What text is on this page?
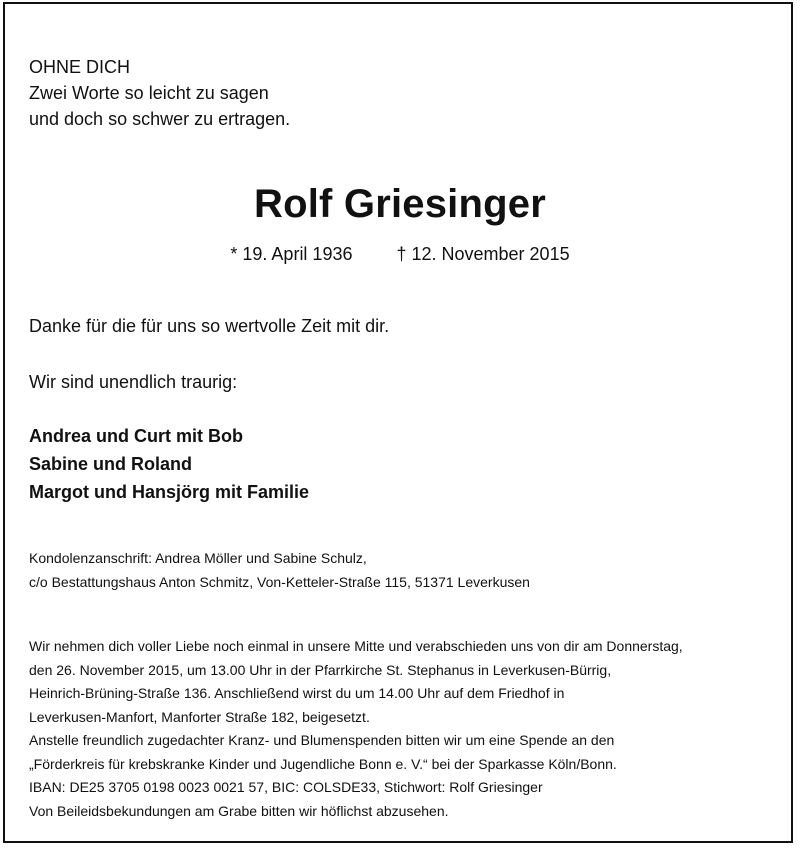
OHNE DICH
Zwei Worte so leicht zu sagen
und doch so schwer zu ertragen.
Rolf Griesinger
* 19. April 1936 † 12. November 2015
Danke für die für uns so wertvolle Zeit mit dir.
Wir sind unendlich traurig:
Andrea und Curt mit Bob
Sabine und Roland
Margot und Hansjörg mit Familie
Kondolenzanschrift: Andrea Möller und Sabine Schulz,
c/o Bestattungshaus Anton Schmitz, Von-Ketteler-Straße 115, 51371 Leverkusen
Wir nehmen dich voller Liebe noch einmal in unsere Mitte und verabschieden uns von dir am Donnerstag,
den 26. November 2015, um 13.00 Uhr in der Pfarrkirche St. Stephanus in Leverkusen-Bürrig,
Heinrich-Brüning-Straße 136. Anschließend wirst du um 14.00 Uhr auf dem Friedhof in
Leverkusen-Manfort, Manforter Straße 182, beigesetzt.
Anstelle freundlich zugedachter Kranz- und Blumenspenden bitten wir um eine Spende an den
„Förderkreis für krebskranke Kinder und Jugendliche Bonn e. V.“ bei der Sparkasse Köln/Bonn.
IBAN: DE25 3705 0198 0023 0021 57, BIC: COLSDE33, Stichwort: Rolf Griesinger
Von Beileidsbekundungen am Grabe bitten wir höflichst abzusehen.
